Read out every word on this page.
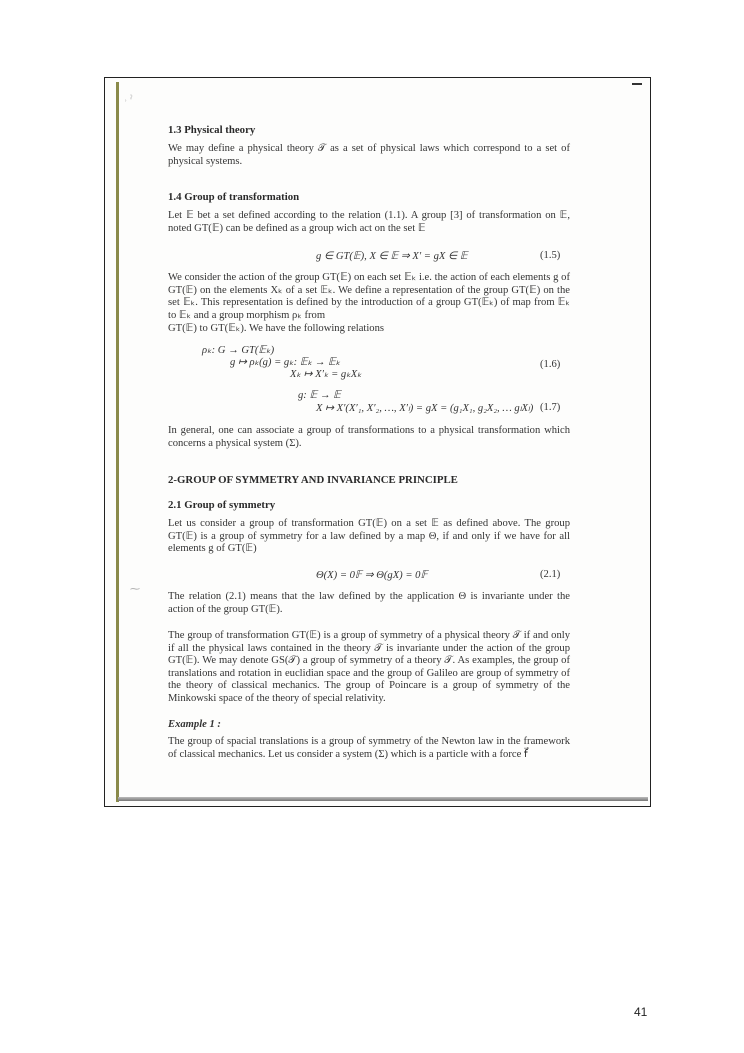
˒ ˀ
1.3 Physical theory
We may define a physical theory 𝒯 as a set of physical laws which correspond to a set of physical systems.
1.4 Group of transformation
Let 𝔼 bet a set defined according to the relation (1.1). A group [3] of transformation on 𝔼, noted GT(𝔼) can be defined as a group wich act on the set 𝔼
g ∈ GT(𝔼), X ∈ 𝔼 ⇒ X′ = gX ∈ 𝔼	(1.5)
We consider the action of the group GT(𝔼) on each set 𝔼ₖ i.e. the action of each elements g of GT(𝔼) on the elements Xₖ of a set 𝔼ₖ. We define a representation of the group GT(𝔼) on the set 𝔼ₖ. This representation is defined by the introduction of a group GT(𝔼ₖ) of map from 𝔼ₖ to 𝔼ₖ and a group morphism ρₖ from
GT(𝔼) to GT(𝔼ₖ). We have the following relations
ρₖ: G → GT(𝔼ₖ)
g ↦ ρₖ(g) = gₖ: 𝔼ₖ → 𝔼ₖ
Xₖ ↦ X′ₖ = gₖXₖ
(1.6)
g: 𝔼 → 𝔼
X ↦ X′(X′₁, X′₂, …, X′ₗ) = gX = (g₁X₁, g₂X₂, … gₗXₗ) (1.7)
In general, one can associate a group of transformations to a physical transformation which concerns a physical system (Σ).
2-GROUP OF SYMMETRY AND INVARIANCE PRINCIPLE
2.1 Group of symmetry
Let us consider a group of transformation GT(𝔼) on a set 𝔼 as defined above. The group GT(𝔼) is a group of symmetry for a law defined by a map Θ, if and only if we have for all elements g of GT(𝔼)
Θ(X) = 0𝔽 ⇒ Θ(gX) = 0𝔽	(2.1)
⁓
The relation (2.1) means that the law defined by the application Θ is invariante under the action of the group GT(𝔼).
The group of transformation GT(𝔼) is a group of symmetry of a physical theory 𝒯 if and only if all the physical laws contained in the theory 𝒯 is invariante under the action of the group GT(𝔼). We may denote GS(𝒯) a group of symmetry of a theory 𝒯. As examples, the group of translations and rotation in euclidian space and the group of Galileo are group of symmetry of the theory of classical mechanics. The group of Poincare is a group of symmetry of the Minkowski space of the theory of special relativity.
Example 1 :
The group of spacial translations is a group of symmetry of the Newton law in the framework of classical mechanics. Let us consider a system (Σ) which is a particle with a force f⃗
41
